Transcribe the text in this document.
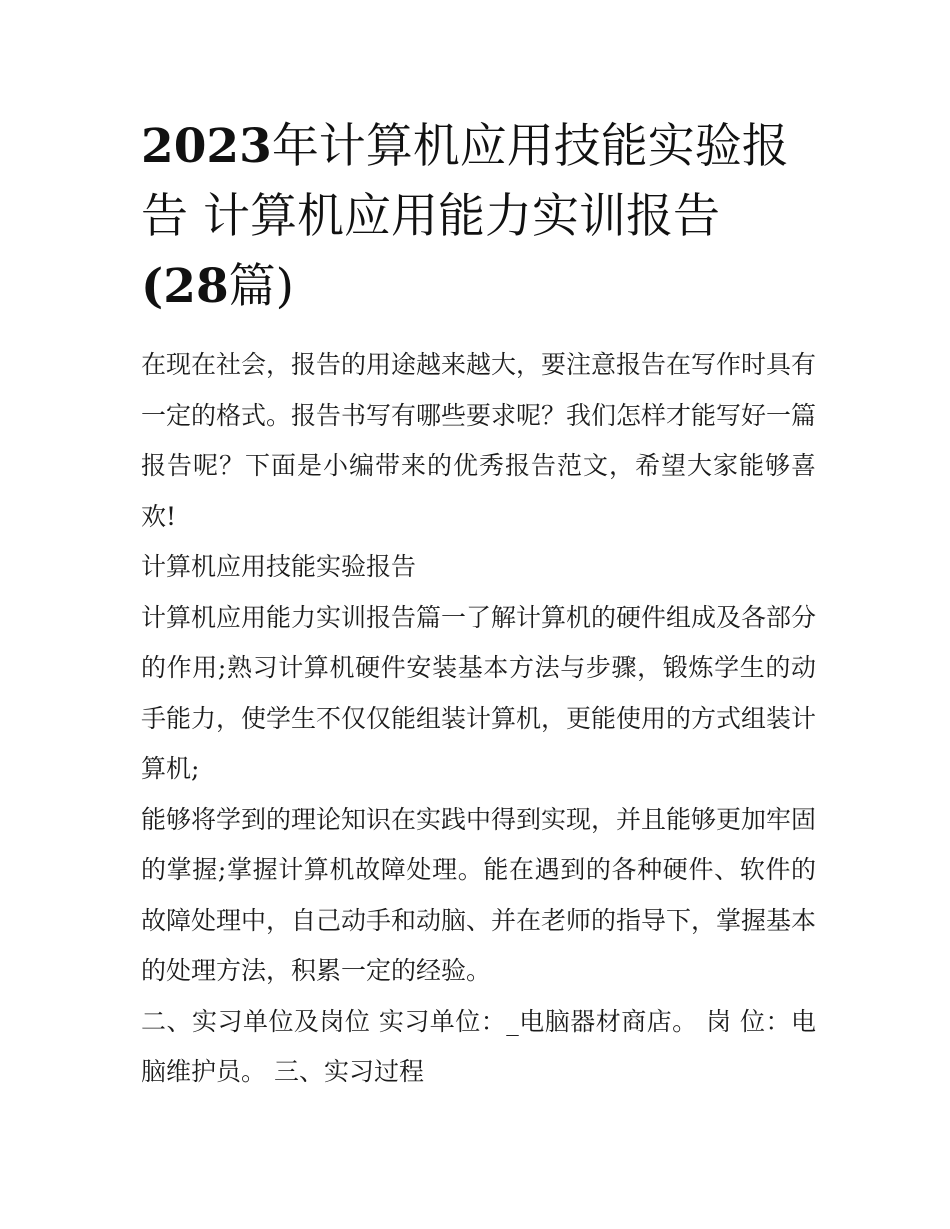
2023年计算机应用技能实验报告 计算机应用能力实训报告
(28篇)

在现在社会，报告的用途越来越大，要注意报告在写作时具有一定的格式。报告书写有哪些要求呢？我们怎样才能写好一篇报告呢？下面是小编带来的优秀报告范文，希望大家能够喜欢!

计算机应用技能实验报告

计算机应用能力实训报告篇一了解计算机的硬件组成及各部分的作用;熟习计算机硬件安装基本方法与步骤，锻炼学生的动手能力，使学生不仅仅能组装计算机，更能使用的方式组装计算机;

能够将学到的理论知识在实践中得到实现，并且能够更加牢固的掌握;掌握计算机故障处理。能在遇到的各种硬件、软件的故障处理中，自己动手和动脑、并在老师的指导下，掌握基本的处理方法，积累一定的经验。

二、实习单位及岗位 实习单位：_电脑器材商店。 岗 位：电脑维护员。 三、实习过程
